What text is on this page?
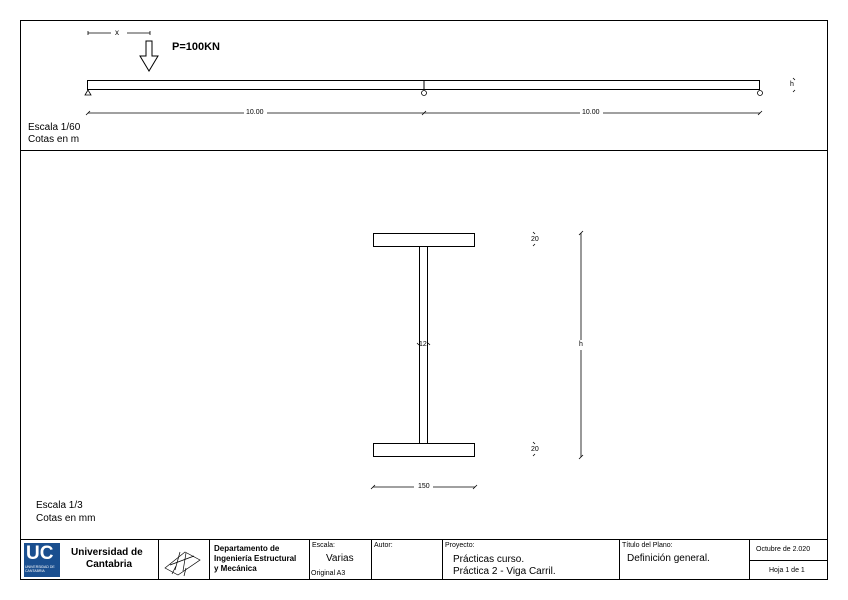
x
P=100KN
h
10.00	10.00
Escala 1/60
Cotas en m
20
20
12	h
150
Escala 1/3
Cotas en mm
UC
UNIVERSIDAD DE CANTABRIA
Universidad de
Cantabria
Departamento de
Ingeniería Estructural
y Mecánica
Escala:
Varias
Original A3
Autor:	Proyecto:
Prácticas curso.
Práctica 2 - Viga Carril.
Título del Plano:
Definición general.
Octubre de 2.020
Hoja 1 de 1
